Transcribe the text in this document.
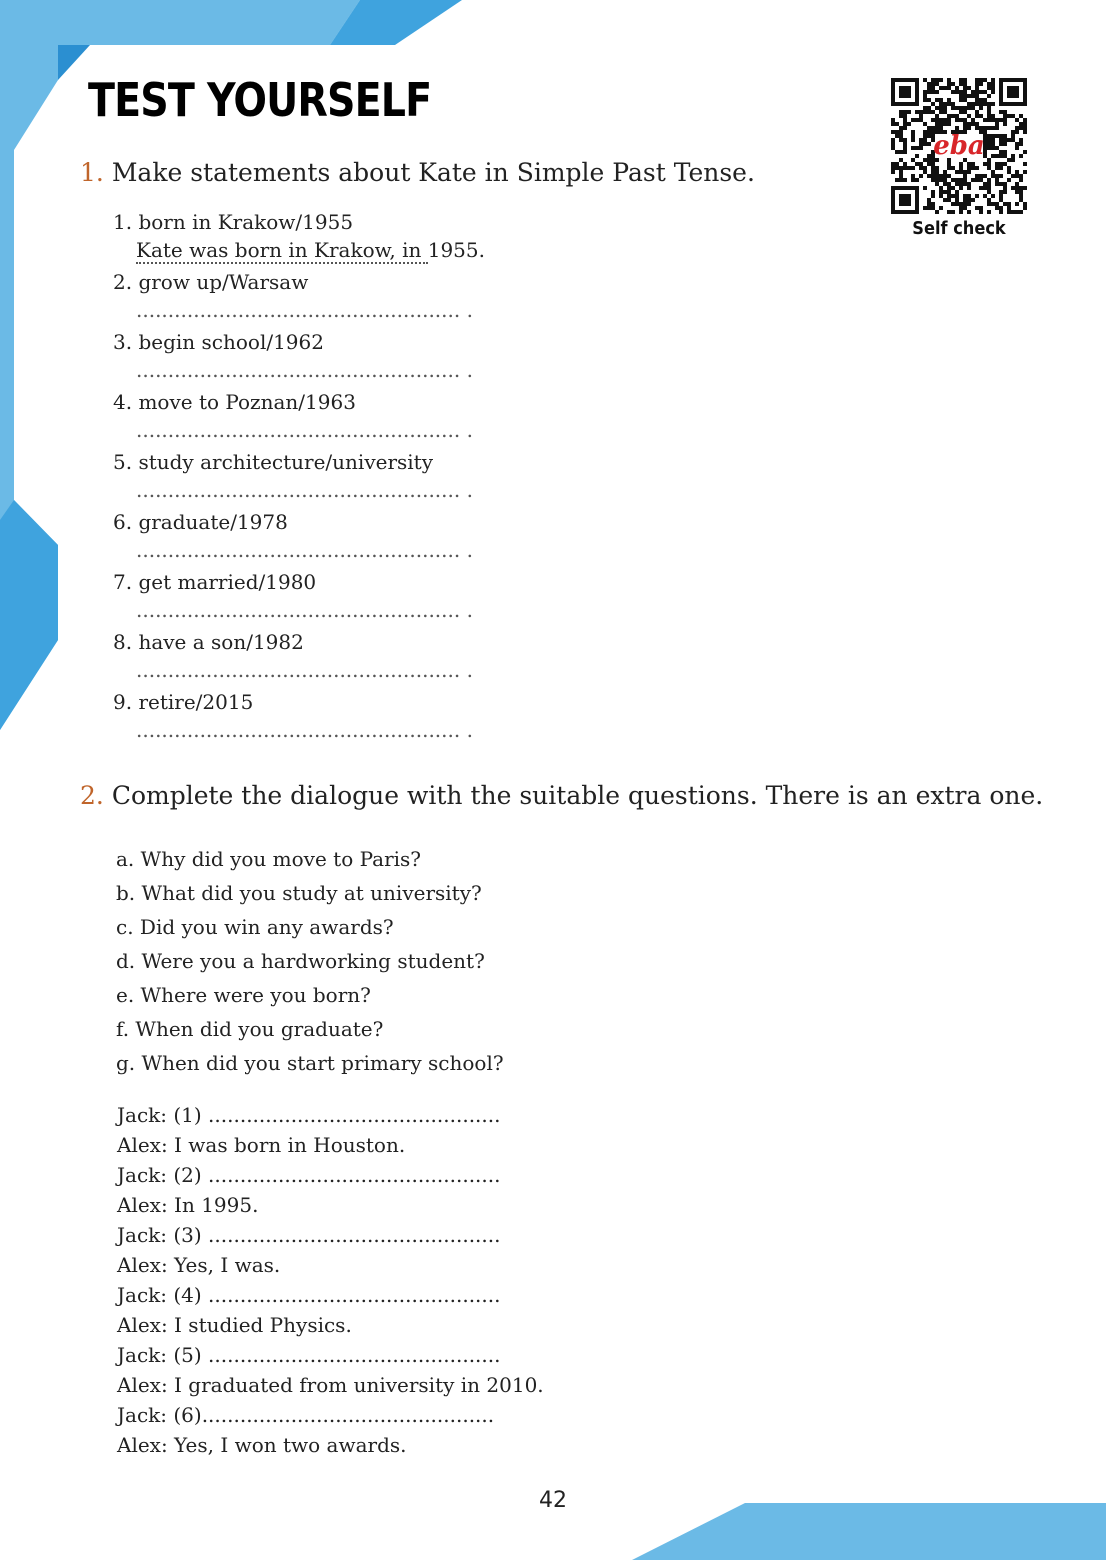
TEST YOURSELF
eba
Self check
1. Make statements about Kate in Simple Past Tense.
1. born in Krakow/1955
Kate was born in Krakow, in 1955.
2. grow up/Warsaw
................................................... .
3. begin school/1962
................................................... .
4. move to Poznan/1963
................................................... .
5. study architecture/university
................................................... .
6. graduate/1978
................................................... .
7. get married/1980
................................................... .
8. have a son/1982
................................................... .
9. retire/2015
................................................... .
2. Complete the dialogue with the suitable questions. There is an extra one.
a. Why did you move to Paris?
b. What did you study at university?
c. Did you win any awards?
d. Were you a hardworking student?
e. Where were you born?
f. When did you graduate?
g. When did you start primary school?
Jack: (1) ..............................................
Alex: I was born in Houston.
Jack: (2) ..............................................
Alex: In 1995.
Jack: (3) ..............................................
Alex: Yes, I was.
Jack: (4) ..............................................
Alex: I studied Physics.
Jack: (5) ..............................................
Alex: I graduated from university in 2010.
Jack: (6)..............................................
Alex: Yes, I won two awards.
42
